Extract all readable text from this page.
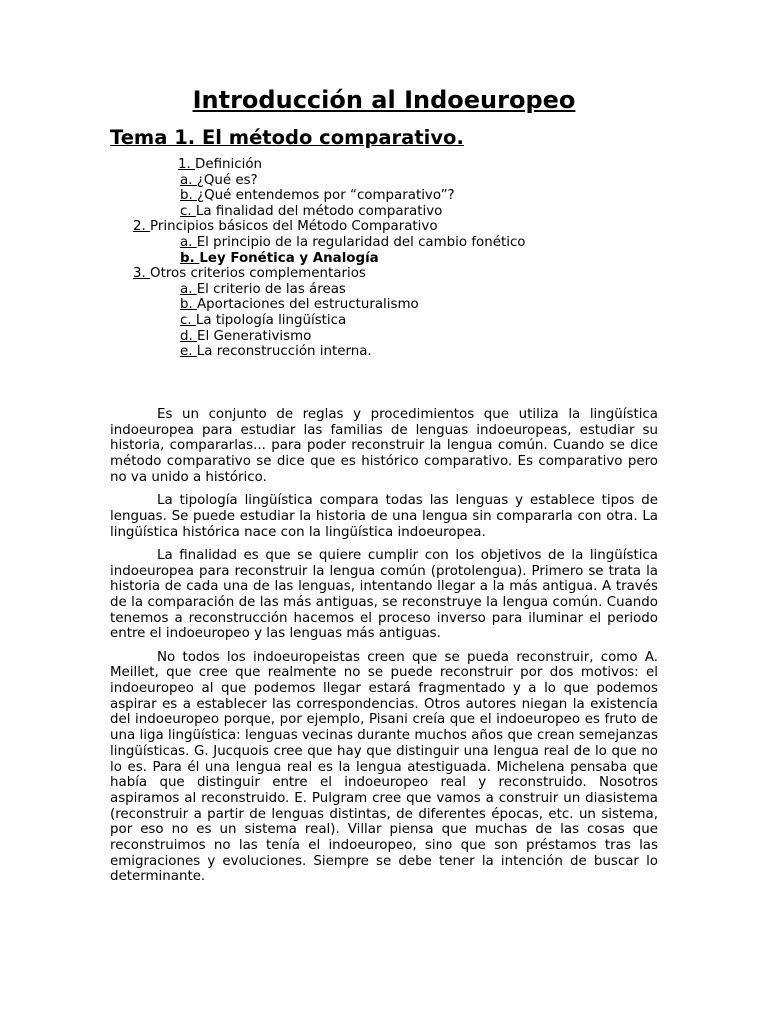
Introducción al Indoeuropeo
Tema 1. El método comparativo.
1. Definición
a. ¿Qué es?
b. ¿Qué entendemos por “comparativo”?
c. La finalidad del método comparativo
2. Principios básicos del Método Comparativo
a. El principio de la regularidad del cambio fonético
b. Ley Fonética y Analogía
3. Otros criterios complementarios
a. El criterio de las áreas
b. Aportaciones del estructuralismo
c. La tipología lingüística
d. El Generativismo
e. La reconstrucción interna.

Es un conjunto de reglas y procedimientos que utiliza la lingüística indoeuropea para estudiar las familias de lenguas indoeuropeas, estudiar su historia, compararlas... para poder reconstruir la lengua común. Cuando se dice método comparativo se dice que es histórico comparativo. Es comparativo pero no va unido a histórico.

La tipología lingüística compara todas las lenguas y establece tipos de lenguas. Se puede estudiar la historia de una lengua sin compararla con otra. La lingüística histórica nace con la lingüística indoeuropea.

La finalidad es que se quiere cumplir con los objetivos de la lingüística indoeuropea para reconstruir la lengua común (protolengua). Primero se trata la historia de cada una de las lenguas, intentando llegar a la más antigua. A través de la comparación de las más antiguas, se reconstruye la lengua común. Cuando tenemos a reconstrucción hacemos el proceso inverso para iluminar el periodo entre el indoeuropeo y las lenguas más antiguas.

No todos los indoeuropeistas creen que se pueda reconstruir, como A. Meillet, que cree que realmente no se puede reconstruir por dos motivos: el indoeuropeo al que podemos llegar estará fragmentado y a lo que podemos aspirar es a establecer las correspondencias. Otros autores niegan la existencia del indoeuropeo porque, por ejemplo, Pisani creía que el indoeuropeo es fruto de una liga lingüística: lenguas vecinas durante muchos años que crean semejanzas lingüísticas. G. Jucquois cree que hay que distinguir una lengua real de lo que no lo es. Para él una lengua real es la lengua atestiguada. Michelena pensaba que había que distinguir entre el indoeuropeo real y reconstruido. Nosotros aspiramos al reconstruido. E. Pulgram cree que vamos a construir un diasistema (reconstruir a partir de lenguas distintas, de diferentes épocas, etc. un sistema, por eso no es un sistema real). Villar piensa que muchas de las cosas que reconstruimos no las tenía el indoeuropeo, sino que son préstamos tras las emigraciones y evoluciones. Siempre se debe tener la intención de buscar lo determinante.
